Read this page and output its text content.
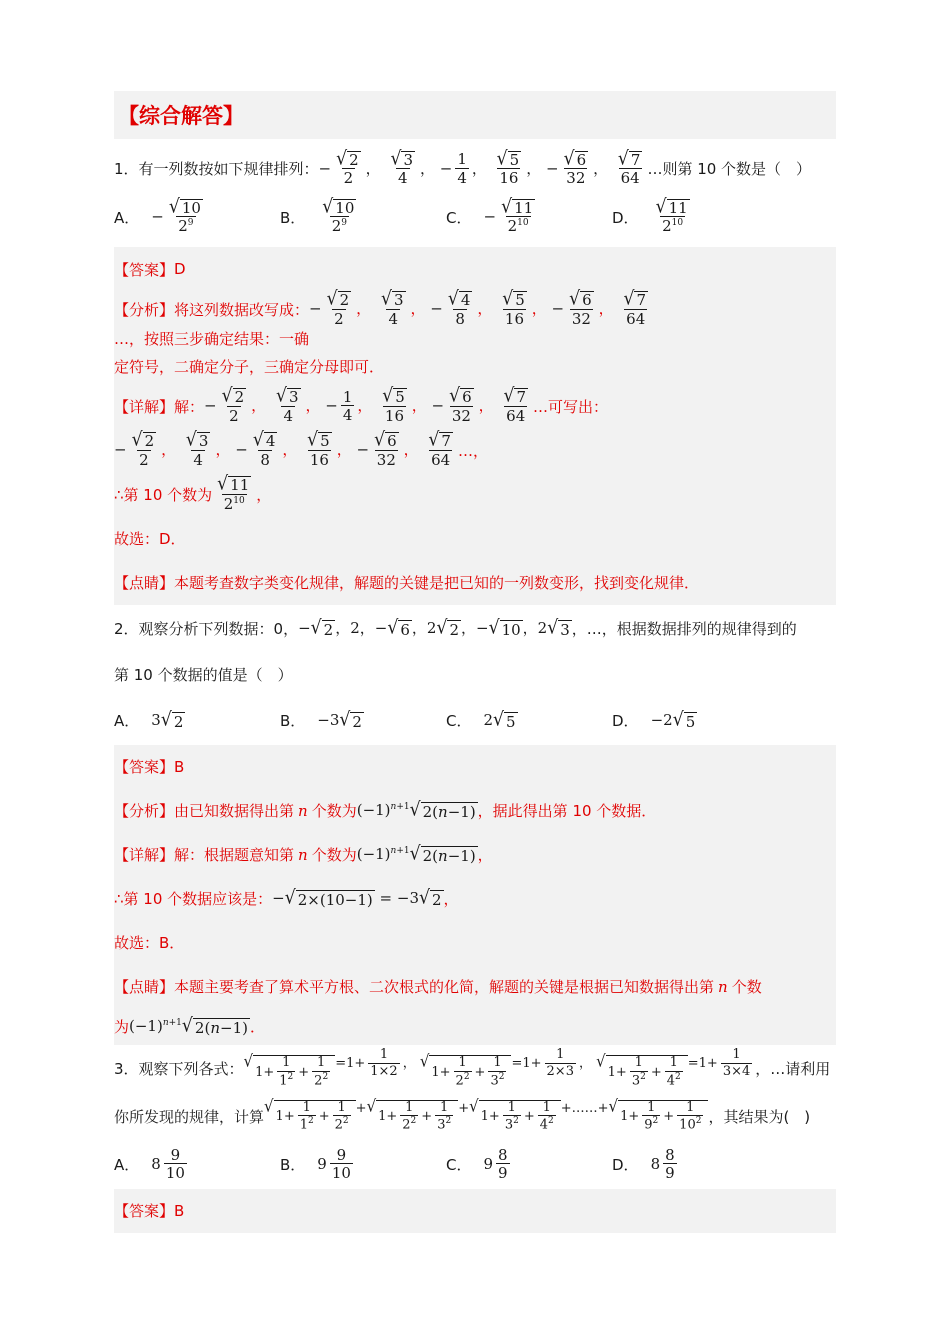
【综合解答】
1．有一列数按如下规律排列： − $\frac{√ 2}{2}$ ， $\frac{√ 3}{4}$ ， − $\frac{1}{4}$ ， $\frac{√ 5}{16}$ ， − $\frac{√ 6}{32}$ ， $\frac{√ 7}{64}$ …则第 10 个数是（　）
A． − $\frac{√ 10}{2^9}$	B． $\frac{√ 10}{2^9}$	C． − $\frac{√ 11}{2^{10}}$	D． $\frac{√ 11}{2^{10}}$
【答案】 D
【分析】 将这列数据改写成： − $\frac{√ 2}{2}$ ， $\frac{√ 3}{4}$ ， − $\frac{√ 4}{8}$ ， $\frac{√ 5}{16}$ ， − $\frac{√ 6}{32}$ ， $\frac{√ 7}{64}$
…，按照三步确定结果：一确
定符号，二确定分子，三确定分母即可．
【详解】 解： − $\frac{√ 2}{2}$ ， $\frac{√ 3}{4}$ ， − $\frac{1}{4}$ ， $\frac{√ 5}{16}$ ， − $\frac{√ 6}{32}$ ， $\frac{√ 7}{64}$ …可写出：
− $\frac{√ 2}{2}$ ， $\frac{√ 3}{4}$ ， − $\frac{√ 4}{8}$ ， $\frac{√ 5}{16}$ ， − $\frac{√ 6}{32}$ ， $\frac{√ 7}{64}$ …，
∴第 10 个数为 $\frac{√ 11}{2^{10}}$ ，
故选：D．
【点睛】 本题考查数字类变化规律，解题的关键是把已知的一列数变形，找到变化规律．
2．观察分析下列数据：0， − √ 2 ，2，− √ 6 ，2 √ 2 ，− √ 10 ，2 √ 3 ，…，根据数据排列的规律得到的
第 10 个数据的值是（　）
A． 3 √ 2	B． −3 √ 2	C． 2 √ 5	D． −2 √ 5
【答案】 B
【分析】 由已知数据得出第 n 个数为 $(-1)^{n+1}$ √ 2( n −1) ，据此得出第 10 个数据．
【详解】 解：根据题意知第 n 个数为 $(-1)^{n+1}$ √ 2( n −1) ，
∴第 10 个数据应该是： − √ 2×(10−1) = −3 √ 2 ，
故选：B．
【点睛】 本题主要考查了算术平方根、二次根式的化简，解题的关键是根据已知数据得出第 n 个数
为 $(-1)^{n+1}$ √ 2( n −1) ．
3．观察下列各式： √
$1+ \frac{1}{1^2} + \frac{1}{2^2} =1+ \frac{1}{1\times 2}$ ， √
$1+ \frac{1}{2^2} + \frac{1}{3^2} =1+ \frac{1}{2\times 3}$ ， √
$1+ \frac{1}{3^2} + \frac{1}{4^2} =1+ \frac{1}{3\times 4}$ ，…请利用
你所发现的规律，计算
√
$1+ \frac{1}{1^2} + \frac{1}{2^2}$ + √
$1+ \frac{1}{2^2} + \frac{1}{3^2}$ + √
$1+ \frac{1}{3^2} + \frac{1}{4^2}$ +……+ √
$1+ \frac{1}{9^2} + \frac{1}{10^2}$ ，其结果为(　)
A． $8 \frac{9}{10}$	B． $9 \frac{9}{10}$	C． $9 \frac{8}{9}$	D． $8 \frac{8}{9}$
【答案】 B
